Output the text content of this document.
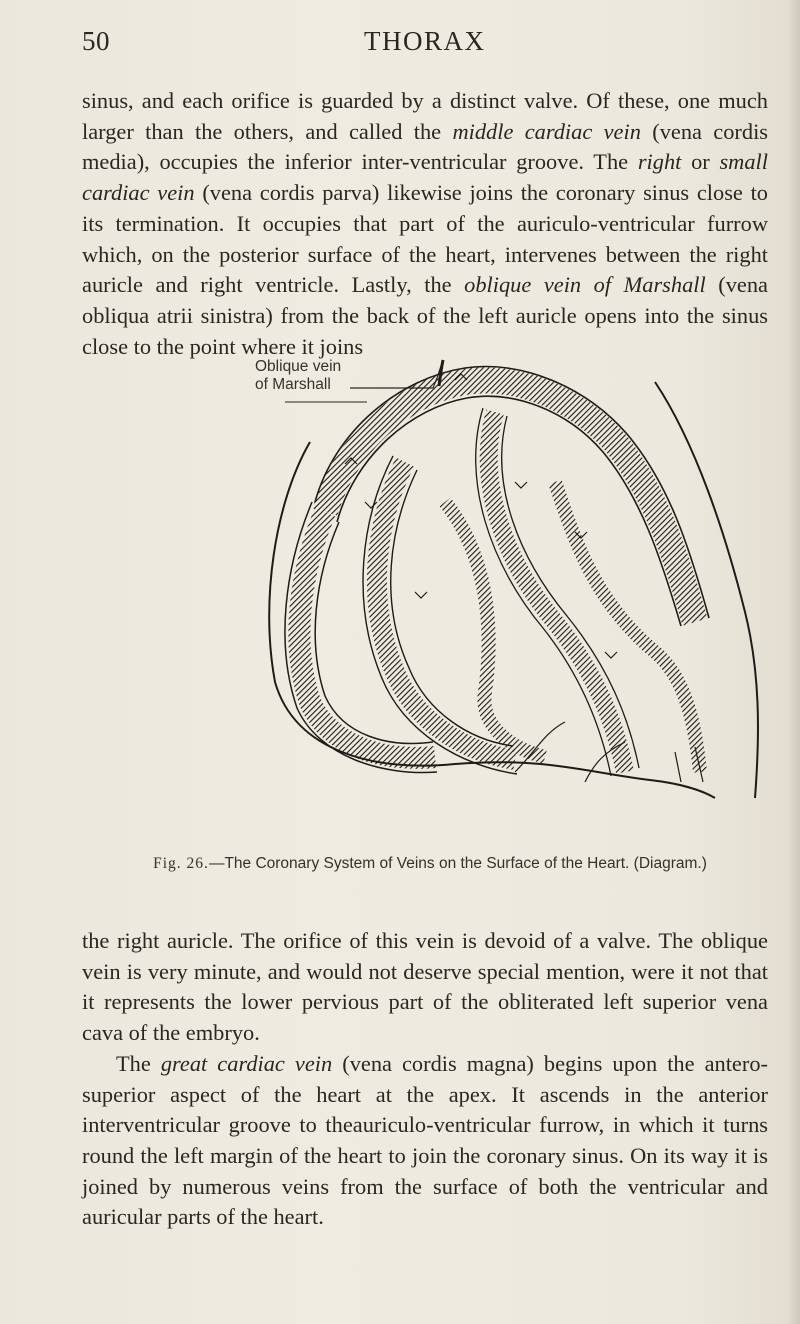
50	THORAX

sinus, and each orifice is guarded by a distinct valve. Of these, one much larger than the others, and called the middle cardiac vein (vena cordis media), occupies the inferior inter-ventricular groove. The right or small cardiac vein (vena cordis parva) likewise joins the coronary sinus close to its termination. It occupies that part of the auriculo-ventricular furrow which, on the posterior surface of the heart, intervenes between the right auricle and right ventricle. Lastly, the oblique vein of Marshall (vena obliqua atrii sinistra) from the back of the left auricle opens into the sinus close to the point where it joins

Oblique vein
of Marshall
Fig. 26.—The Coronary System of Veins on the Surface of the Heart. (Diagram.)

the right auricle. The orifice of this vein is devoid of a valve. The oblique vein is very minute, and would not deserve special mention, were it not that it represents the lower pervious part of the obliterated left superior vena cava of the embryo.
The great cardiac vein (vena cordis magna) begins upon the antero-superior aspect of the heart at the apex. It ascends in the anterior interventricular groove to theauriculo-ventricular furrow, in which it turns round the left margin of the heart to join the coronary sinus. On its way it is joined by numerous veins from the surface of both the ventricular and auricular parts of the heart.
